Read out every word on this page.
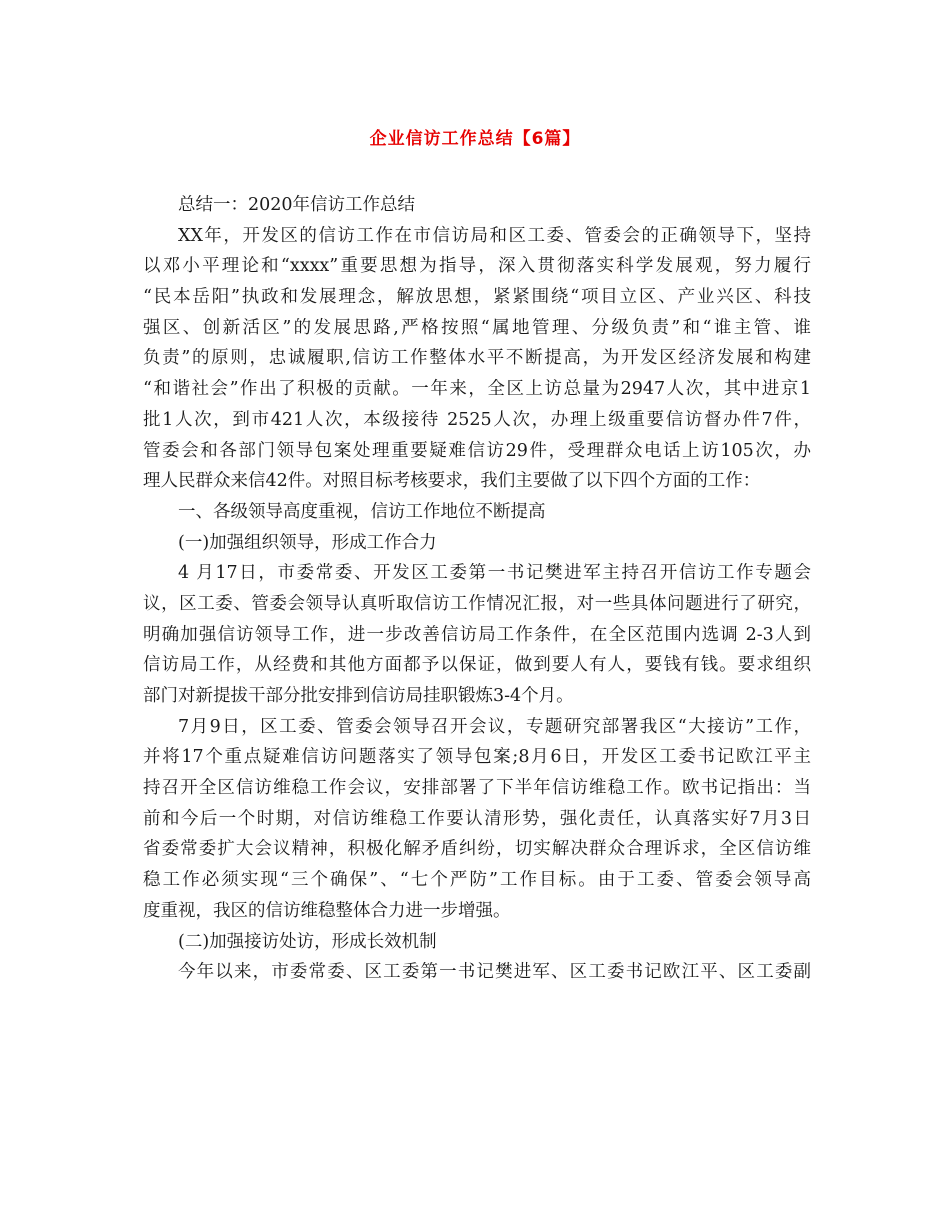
企业信访工作总结【6篇】
总结一：2020年信访工作总结
XX年，开发区的信访工作在市信访局和区工委、管委会的正确领导下，坚持
以邓小平理论和“xxxx”重要思想为指导，深入贯彻落实科学发展观，努力履行
“民本岳阳”执政和发展理念，解放思想，紧紧围绕“项目立区、产业兴区、科技
强区、创新活区”的发展思路,严格按照“属地管理、分级负责”和“谁主管、谁
负责”的原则，忠诚履职,信访工作整体水平不断提高，为开发区经济发展和构建
“和谐社会”作出了积极的贡献。一年来，全区上访总量为2947人次，其中进京1
批1人次，到市421人次，本级接待 2525人次，办理上级重要信访督办件7件，
管委会和各部门领导包案处理重要疑难信访29件，受理群众电话上访105次，办
理人民群众来信42件。对照目标考核要求，我们主要做了以下四个方面的工作：
一、各级领导高度重视，信访工作地位不断提高
(一)加强组织领导，形成工作合力
4 月17日，市委常委、开发区工委第一书记樊进军主持召开信访工作专题会
议，区工委、管委会领导认真听取信访工作情况汇报，对一些具体问题进行了研究，
明确加强信访领导工作，进一步改善信访局工作条件，在全区范围内选调 2-3人到
信访局工作，从经费和其他方面都予以保证，做到要人有人，要钱有钱。要求组织
部门对新提拔干部分批安排到信访局挂职锻炼3-4个月。
7月9日，区工委、管委会领导召开会议，专题研究部署我区“大接访”工作，
并将17个重点疑难信访问题落实了领导包案;8月6日，开发区工委书记欧江平主
持召开全区信访维稳工作会议，安排部署了下半年信访维稳工作。欧书记指出：当
前和今后一个时期，对信访维稳工作要认清形势，强化责任，认真落实好7月3日
省委常委扩大会议精神，积极化解矛盾纠纷，切实解决群众合理诉求，全区信访维
稳工作必须实现“三个确保”、“七个严防”工作目标。由于工委、管委会领导高
度重视，我区的信访维稳整体合力进一步增强。
(二)加强接访处访，形成长效机制
今年以来，市委常委、区工委第一书记樊进军、区工委书记欧江平、区工委副
